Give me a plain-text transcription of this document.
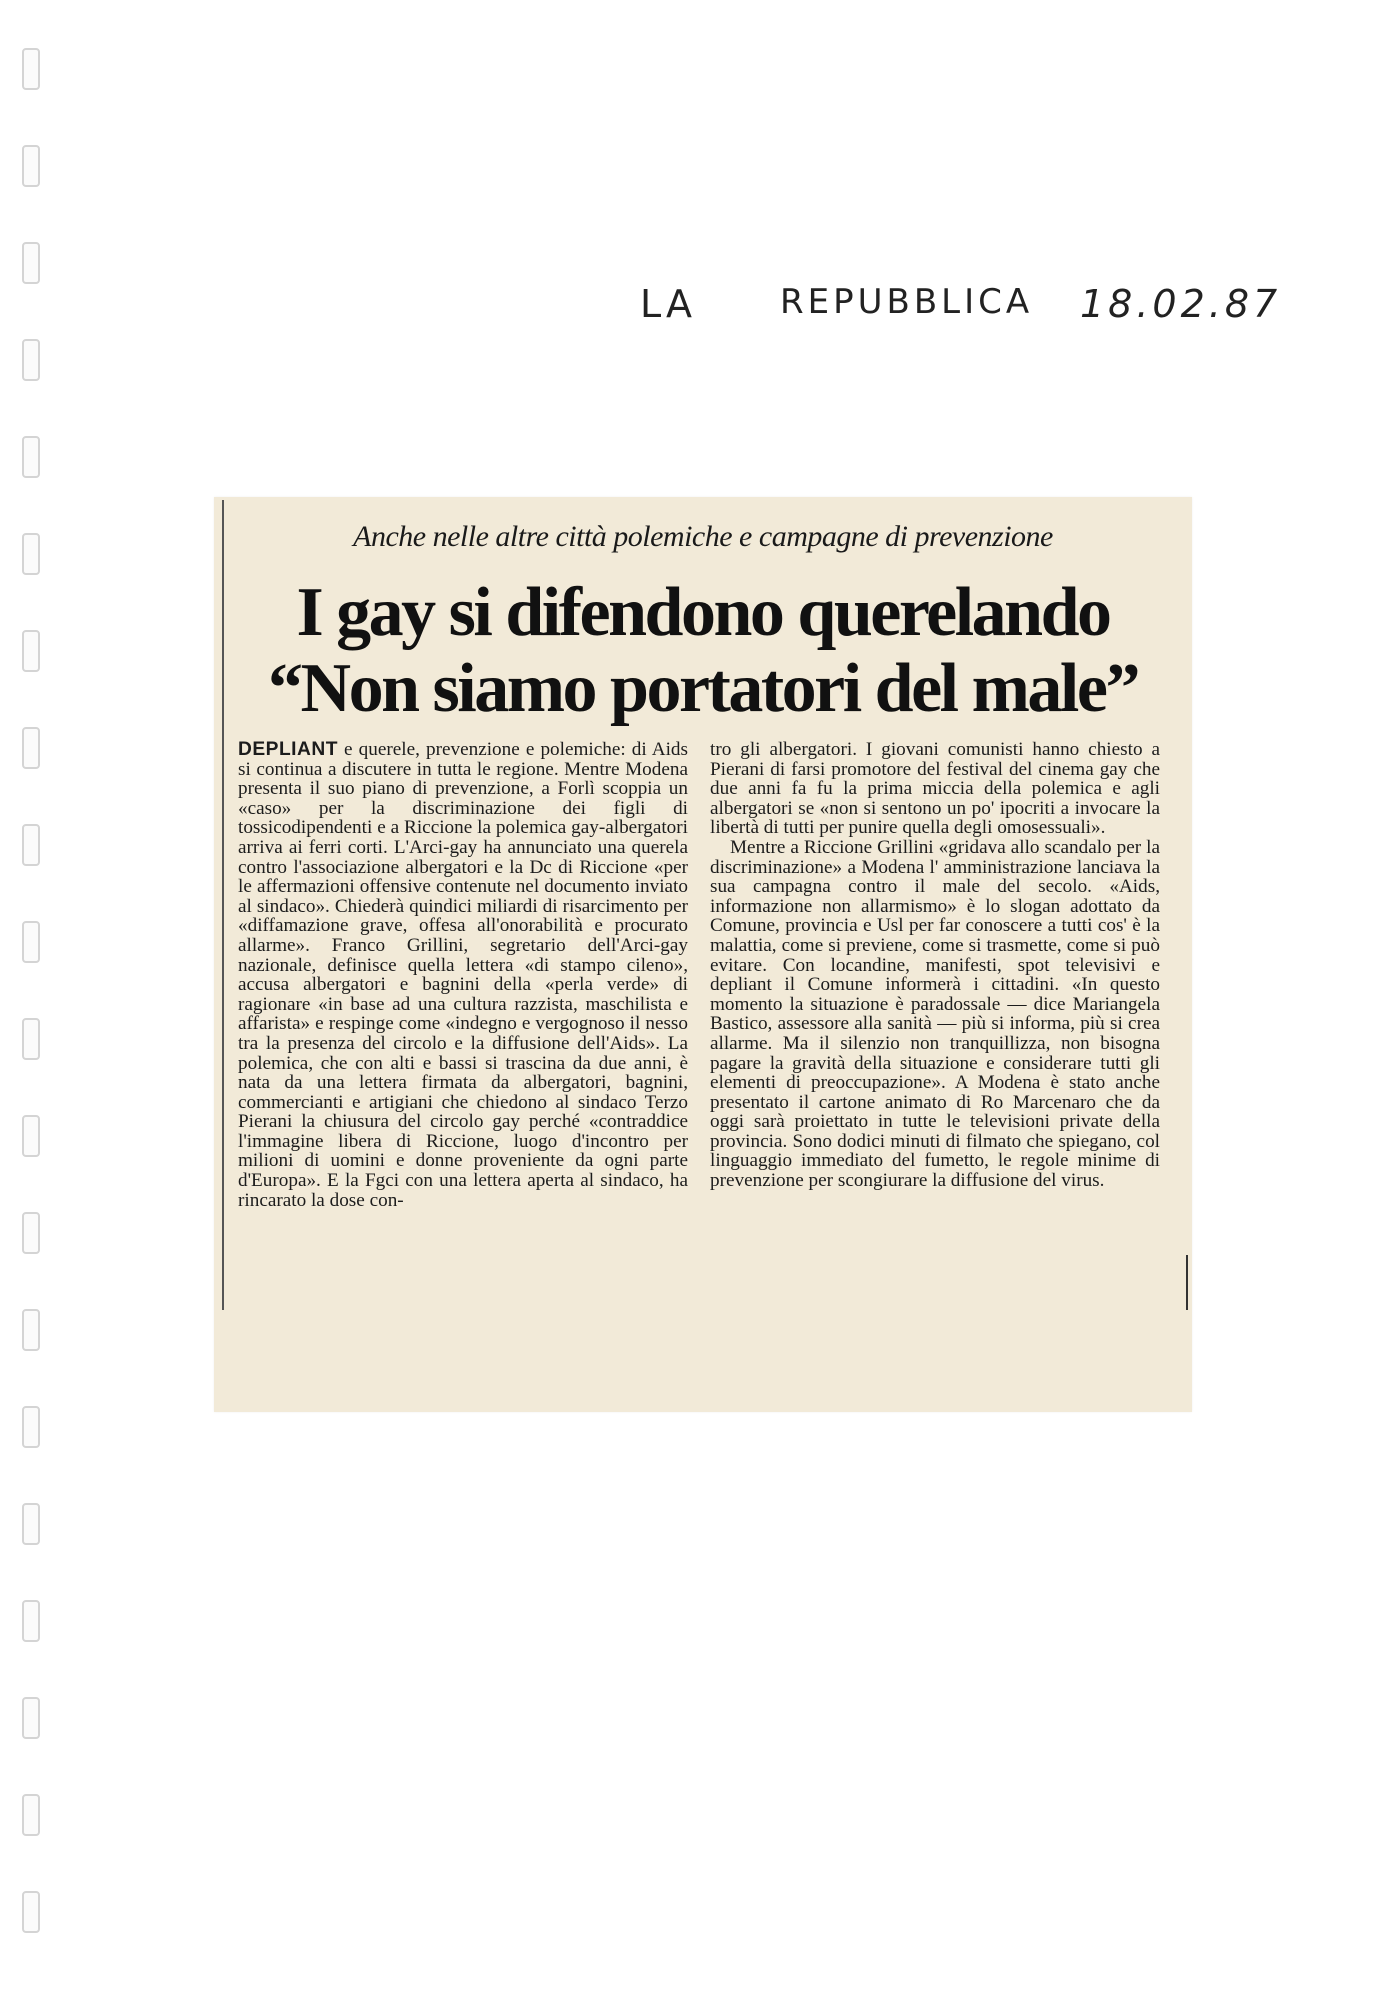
LA REPUBBLICA 18.02.87
Anche nelle altre città polemiche e campagne di prevenzione
I gay si difendono querelando
“Non siamo portatori del male”

DEPLIANT e querele, prevenzione e polemiche: di Aids si continua a discutere in tutta le regione. Mentre Modena presenta il suo piano di prevenzione, a Forlì scoppia un «caso» per la discriminazione dei figli di tossicodipendenti e a Riccione la polemica gay-albergatori arriva ai ferri corti. L'Arci-gay ha annunciato una querela contro l'associazione albergatori e la Dc di Riccione «per le affermazioni offensive contenute nel documento inviato al sindaco». Chiederà quindici miliardi di risarcimento per «diffamazione grave, offesa all'onorabilità e procurato allarme». Franco Grillini, segretario dell'Arci-gay nazionale, definisce quella lettera «di stampo cileno», accusa albergatori e bagnini della «perla verde» di ragionare «in base ad una cultura razzista, maschilista e affarista» e respinge come «indegno e vergognoso il nesso tra la presenza del circolo e la diffusione dell'Aids». La polemica, che con alti e bassi si trascina da due anni, è nata da una lettera firmata da albergatori, bagnini, commercianti e artigiani che chiedono al sindaco Terzo Pierani la chiusura del circolo gay perché «contraddice l'immagine libera di Riccione, luogo d'incontro per milioni di uomini e donne proveniente da ogni parte d'Europa». E la Fgci con una lettera aperta al sindaco, ha rincarato la dose con-

tro gli albergatori. I giovani comunisti hanno chiesto a Pierani di farsi promotore del festival del cinema gay che due anni fa fu la prima miccia della polemica e agli albergatori se «non si sentono un po' ipocriti a invocare la libertà di tutti per punire quella degli omosessuali».

Mentre a Riccione Grillini «gridava allo scandalo per la discriminazione» a Modena l' amministrazione lanciava la sua campagna contro il male del secolo. «Aids, informazione non allarmismo» è lo slogan adottato da Comune, provincia e Usl per far conoscere a tutti cos' è la malattia, come si previene, come si trasmette, come si può evitare. Con locandine, manifesti, spot televisivi e depliant il Comune informerà i cittadini. «In questo momento la situazione è paradossale — dice Mariangela Bastico, assessore alla sanità — più si informa, più si crea allarme. Ma il silenzio non tranquillizza, non bisogna pagare la gravità della situazione e considerare tutti gli elementi di preoccupazione». A Modena è stato anche presentato il cartone animato di Ro Marcenaro che da oggi sarà proiettato in tutte le televisioni private della provincia. Sono dodici minuti di filmato che spiegano, col linguaggio immediato del fumetto, le regole minime di prevenzione per scongiurare la diffusione del virus.
